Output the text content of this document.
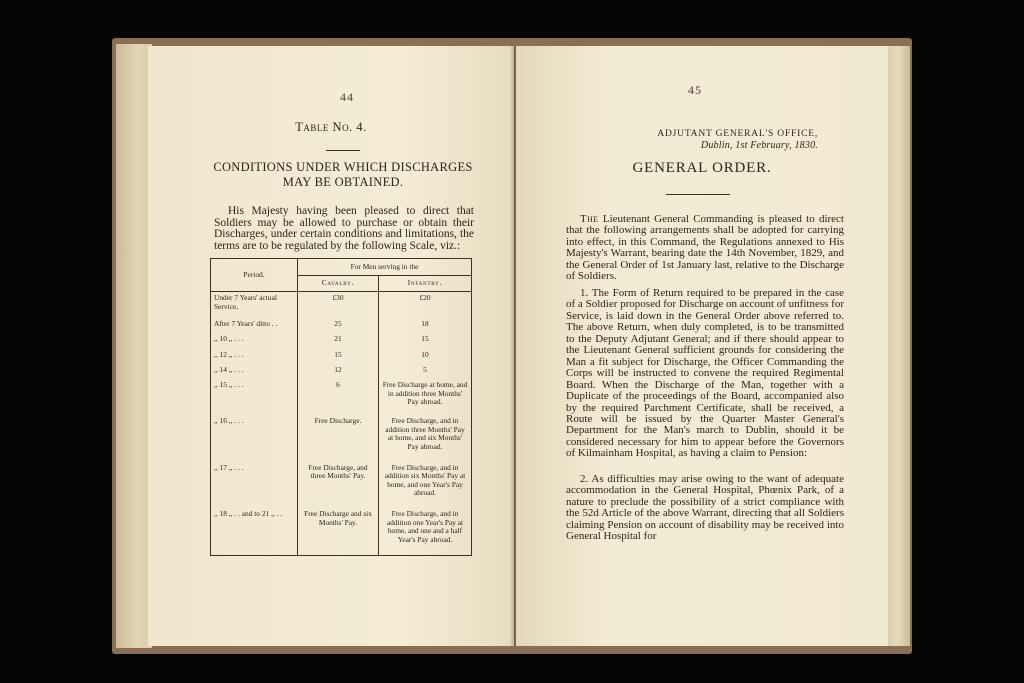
44
Table No. 4.
CONDITIONS UNDER WHICH DISCHARGES MAY BE OBTAINED.
His Majesty having been pleased to direct that Soldiers may be allowed to purchase or obtain their Discharges, under certain conditions and limitations, the terms are to be regulated by the following Scale, viz.:
Period.	For Men serving in the	
	Cavalry.	Infantry.
Under 7 Years' actual Service,	£30	£20
After 7 Years' ditto . .	25	18
,, 10 ,, . . .	21	15
,, 12 ,, . . .	15	10
,, 14 ,, . . .	12	5
,, 15 ,, . . .	6	Free Discharge at home, and in addition three Months' Pay abroad.
,, 16 ,, . . .	Free Discharge.	Free Discharge, and in addition three Months' Pay at home, and six Months' Pay abroad.
,, 17 ,, . . .	Free Discharge, and three Months' Pay.	Free Discharge, and in addition six Months' Pay at home, and one Year's Pay abroad.
,, 18 ,, . . and to 21 ,, . .	Free Discharge and six Months' Pay.	Free Discharge, and in addition one Year's Pay at home, and one and a half Year's Pay abroad.
45
ADJUTANT GENERAL'S OFFICE,
Dublin, 1st February, 1830.
GENERAL ORDER.
The Lieutenant General Commanding is pleased to direct that the following arrangements shall be adopted for carrying into effect, in this Command, the Regulations annexed to His Majesty's Warrant, bearing date the 14th November, 1829, and the General Order of 1st January last, relative to the Discharge of Soldiers.
1. The Form of Return required to be prepared in the case of a Soldier proposed for Discharge on account of unfitness for Service, is laid down in the General Order above referred to. The above Return, when duly completed, is to be transmitted to the Deputy Adjutant General; and if there should appear to the Lieutenant General sufficient grounds for considering the Man a fit subject for Discharge, the Officer Commanding the Corps will be instructed to convene the required Regimental Board. When the Discharge of the Man, together with a Duplicate of the proceedings of the Board, accompanied also by the required Parchment Certificate, shall be received, a Route will be issued by the Quarter Master General's Department for the Man's march to Dublin, should it be considered necessary for him to appear before the Governors of Kilmainham Hospital, as having a claim to Pension:
2. As difficulties may arise owing to the want of adequate accommodation in the General Hospital, Phœnix Park, of a nature to preclude the possibility of a strict compliance with the 52d Article of the above Warrant, directing that all Soldiers claiming Pension on account of disability may be received into General Hospital for
